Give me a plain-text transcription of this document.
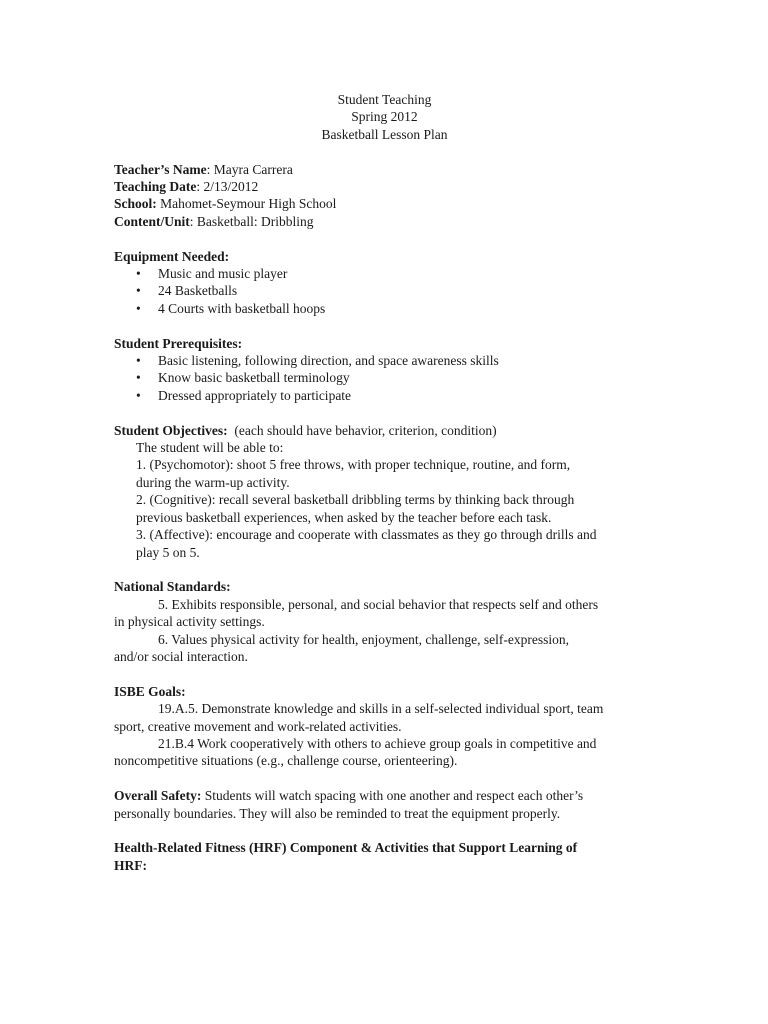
Student Teaching
Spring 2012
Basketball Lesson Plan
Teacher’s Name: Mayra Carrera
Teaching Date: 2/13/2012
School: Mahomet-Seymour High School
Content/Unit: Basketball: Dribbling
Equipment Needed:
• Music and music player
• 24 Basketballs
• 4 Courts with basketball hoops
Student Prerequisites:
• Basic listening, following direction, and space awareness skills
• Know basic basketball terminology
• Dressed appropriately to participate
Student Objectives:  (each should have behavior, criterion, condition)
The student will be able to:
1. (Psychomotor): shoot 5 free throws, with proper technique, routine, and form,
during the warm-up activity.
2. (Cognitive): recall several basketball dribbling terms by thinking back through
previous basketball experiences, when asked by the teacher before each task.
3. (Affective): encourage and cooperate with classmates as they go through drills and
play 5 on 5.
National Standards:
5. Exhibits responsible, personal, and social behavior that respects self and others
in physical activity settings.
6. Values physical activity for health, enjoyment, challenge, self-expression,
and/or social interaction.
ISBE Goals:
19.A.5. Demonstrate knowledge and skills in a self-selected individual sport, team
sport, creative movement and work-related activities.
21.B.4 Work cooperatively with others to achieve group goals in competitive and
noncompetitive situations (e.g., challenge course, orienteering).
Overall Safety: Students will watch spacing with one another and respect each other’s
personally boundaries. They will also be reminded to treat the equipment properly.
Health-Related Fitness (HRF) Component & Activities that Support Learning of
HRF:
